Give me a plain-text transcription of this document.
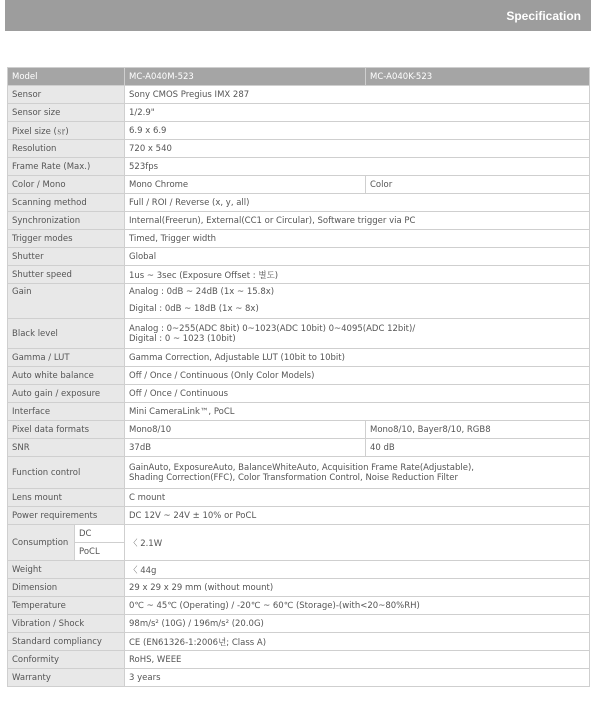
Specification
Model		MC-A040M-523	MC-A040K-523
Sensor		Sony CMOS Pregius IMX 287	
Sensor size		1/2.9"	
Pixel size (㏛)		6.9 x 6.9	
Resolution		720 x 540	
Frame Rate (Max.)		523fps	
Color / Mono		Mono Chrome	Color
Scanning method		Full / ROI / Reverse (x, y, all)	
Synchronization		Internal(Freerun), External(CC1 or Circular), Software trigger via PC	
Trigger modes		Timed, Trigger width	
Shutter		Global	
Shutter speed		1us ~ 3sec (Exposure Offset : 별도)	
Gain		Analog : 0dB ~ 24dB (1x ~ 15.8x)
Digital : 0dB ~ 18dB (1x ~ 8x)	

Black level		Analog : 0~255(ADC 8bit) 0~1023(ADC 10bit) 0~4095(ADC 12bit)/
Digital : 0 ~ 1023 (10bit)	

Gamma / LUT		Gamma Correction, Adjustable LUT (10bit to 10bit)	
Auto white balance		Off / Once / Continuous (Only Color Models)	
Auto gain / exposure		Off / Once / Continuous	
Interface		Mini CameraLink™, PoCL	
Pixel data formats		Mono8/10	Mono8/10, Bayer8/10, RGB8
SNR		37dB	40 dB
Function control		GainAuto, ExposureAuto, BalanceWhiteAuto, Acquisition Frame Rate(Adjustable),
Shading Correction(FFC), Color Transformation Control, Noise Reduction Filter	

Lens mount		C mount	
Power requirements		DC 12V ~ 24V ± 10% or PoCL	
Consumption	DC	〈 2.1W	
	PoCL		
Weight		〈 44g	
Dimension		29 x 29 x 29 mm (without mount)	
Temperature		0℃ ~ 45℃ (Operating) / -20℃ ~ 60℃ (Storage)‐(with<20~80%RH)	
Vibration / Shock		98m/s² (10G) / 196m/s² (20.0G)	
Standard compliancy		CE (EN61326-1:2006년; Class A)	
Conformity		RoHS, WEEE	
Warranty		3 years	
